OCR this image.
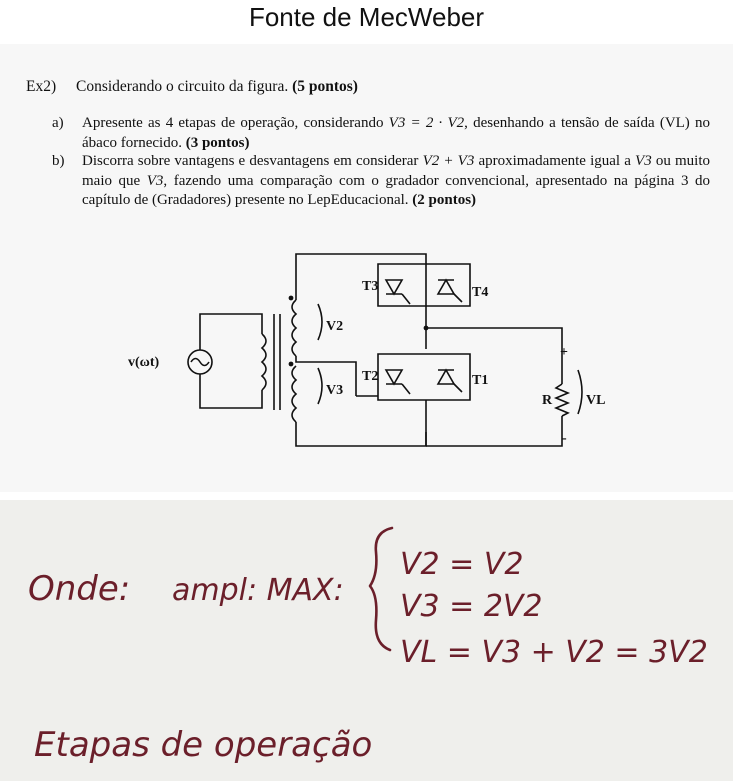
Fonte de MecWeber
Ex2) Considerando o circuito da figura. (5 pontos)
a) Apresente as 4 etapas de operação, considerando V3 = 2 · V2, desenhando a tensão de saída (VL) no ábaco fornecido. (3 pontos)
b) Discorra sobre vantagens e desvantagens em considerar V2 + V3 aproximadamente igual a V3 ou muito maio que V3, fazendo uma comparação com o gradador convencional, apresentado na página 3 do capítulo de (Gradadores) presente no LepEducacional. (2 pontos)
v(ωt)
V2
V3
T3	T4
T2	T1
R VL
+
-
Onde: ampl: MAX:
V2 = V2
V3 = 2V2
VL = V3 + V2 = 3V2
Etapas de operação
